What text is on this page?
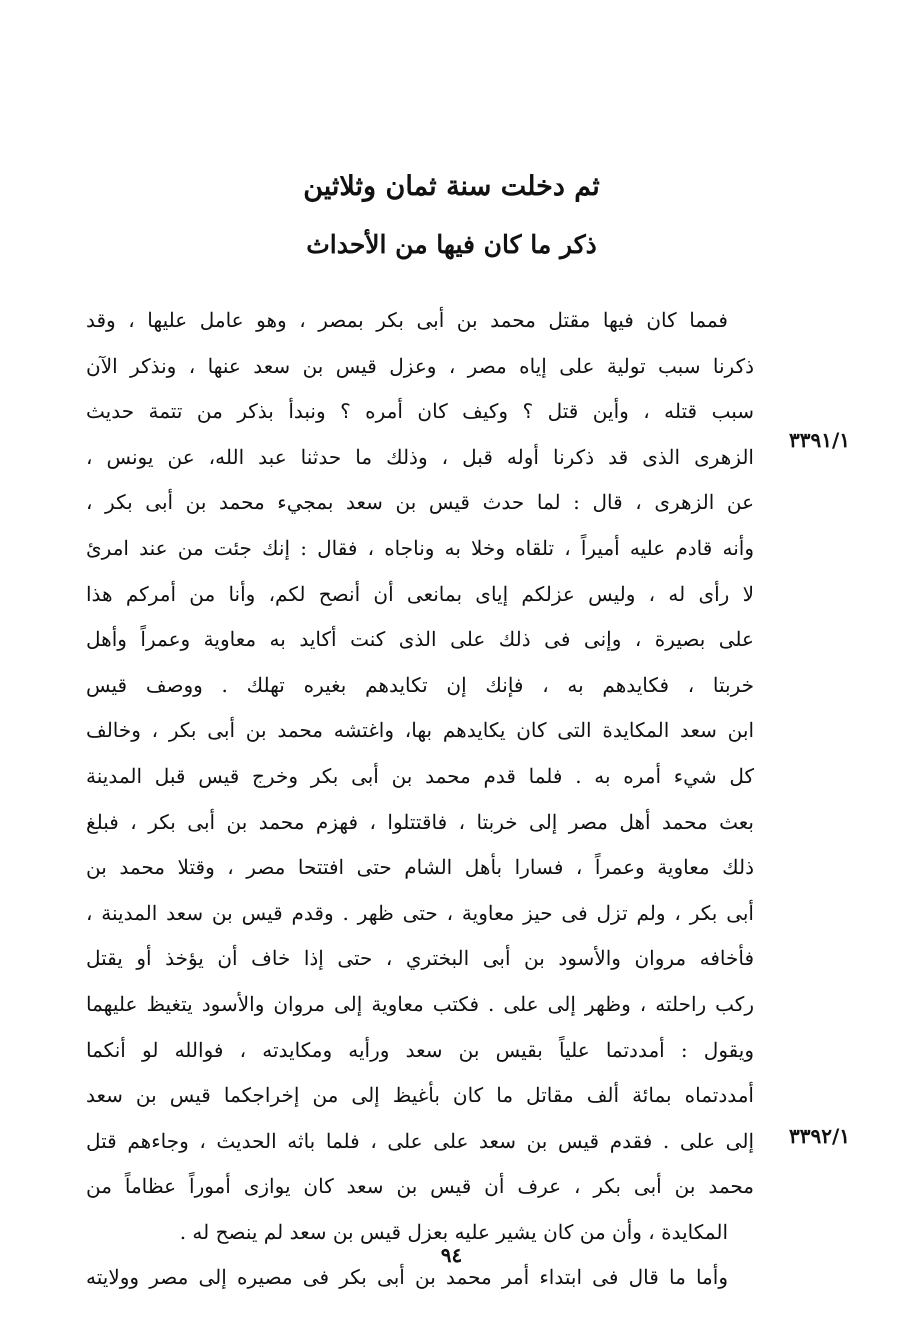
ثم دخلت سنة ثمان وثلاثين
ذكر ما كان فيها من الأحداث
٣٣٩١/١
٣٣٩٢/١
فمما كان فيها مقتل محمد بن أبى بكر بمصر ، وهو عامل عليها ، وقد
ذكرنا سبب تولية على إياه مصر ، وعزل قيس بن سعد عنها ، ونذكر الآن
سبب قتله ، وأين قتل ؟ وكيف كان أمره ؟ ونبدأ بذكر من تتمة حديث
الزهرى الذى قد ذكرنا أوله قبل ، وذلك ما حدثنا عبد الله، عن يونس ،
عن الزهرى ، قال : لما حدث قيس بن سعد بمجيء محمد بن أبى بكر ،
وأنه قادم عليه أميراً ، تلقاه وخلا به وناجاه ، فقال : إنك جئت من عند امرئ
لا رأى له ، وليس عزلكم إياى بمانعى أن أنصح لكم، وأنا من أمركم هذا
على بصيرة ، وإنى فى ذلك على الذى كنت أكايد به معاوية وعمراً وأهل
خربتا ، فكايدهم به ، فإنك إن تكايدهم بغيره تهلك . ووصف قيس
ابن سعد المكايدة التى كان يكايدهم بها، واغتشه محمد بن أبى بكر ، وخالف
كل شيء أمره به . فلما قدم محمد بن أبى بكر وخرج قيس قبل المدينة
بعث محمد أهل مصر إلى خربتا ، فاقتتلوا ، فهزم محمد بن أبى بكر ، فبلغ
ذلك معاوية وعمراً ، فسارا بأهل الشام حتى افتتحا مصر ، وقتلا محمد بن
أبى بكر ، ولم تزل فى حيز معاوية ، حتى ظهر . وقدم قيس بن سعد المدينة ،
فأخافه مروان والأسود بن أبى البختري ، حتى إذا خاف أن يؤخذ أو يقتل
ركب راحلته ، وظهر إلى على . فكتب معاوية إلى مروان والأسود يتغيظ عليهما
ويقول : أمددتما علياً بقيس بن سعد ورأيه ومكايدته ، فوالله لو أنكما
أمددتماه بمائة ألف مقاتل ما كان بأغيظ إلى من إخراجكما قيس بن سعد
إلى على . فقدم قيس بن سعد على على ، فلما باثه الحديث ، وجاءهم قتل
محمد بن أبى بكر ، عرف أن قيس بن سعد كان يوازى أموراً عظاماً من
المكايدة ، وأن من كان يشير عليه بعزل قيس بن سعد لم ينصح له .
وأما ما قال فى ابتداء أمر محمد بن أبى بكر فى مصيره إلى مصر وولايته
٩٤
